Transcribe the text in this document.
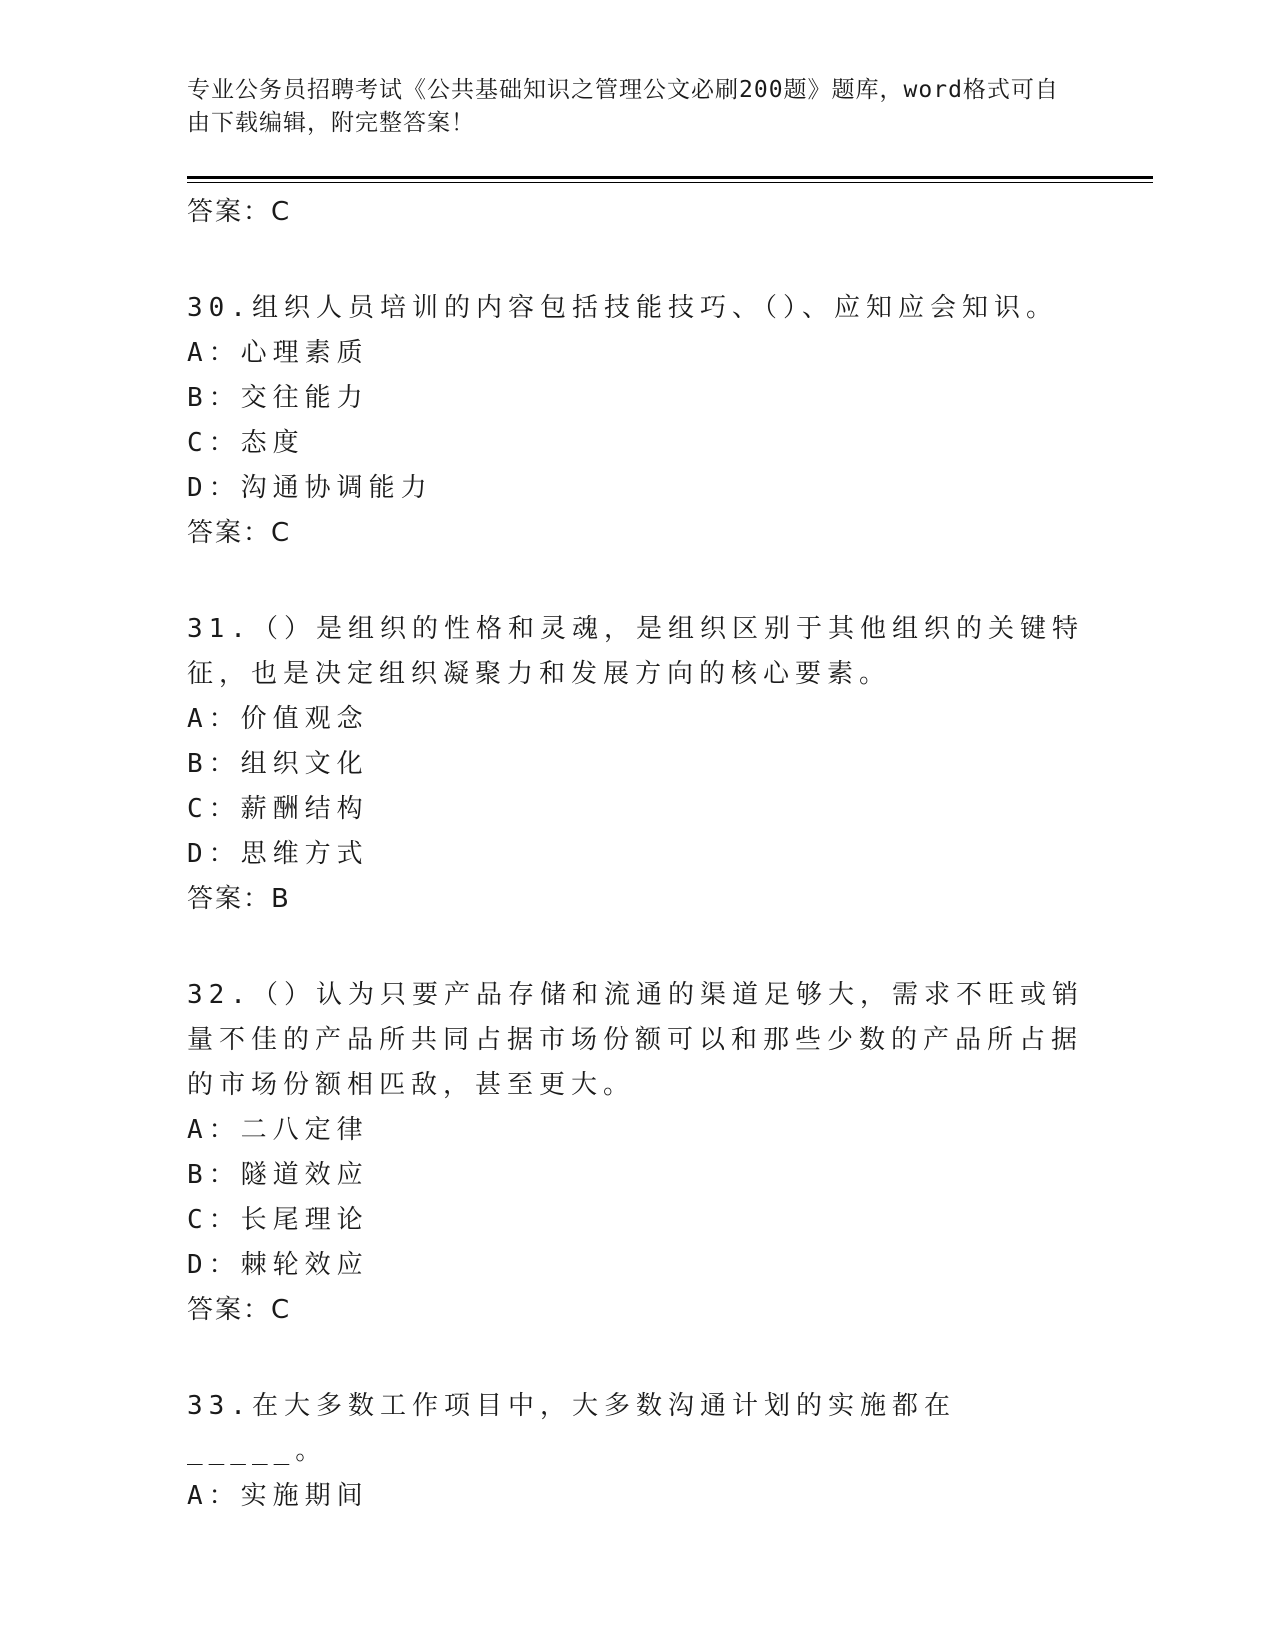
专业公务员招聘考试《公共基础知识之管理公文必刷200题》题库，word格式可自由下载编辑，附完整答案！
答案：C
30.组织人员培训的内容包括技能技巧、（）、应知应会知识。
A：心理素质
B：交往能力
C：态度
D：沟通协调能力
答案：C
31.（）是组织的性格和灵魂，是组织区别于其他组织的关键特征，也是决定组织凝聚力和发展方向的核心要素。
A：价值观念
B：组织文化
C：薪酬结构
D：思维方式
答案：B
32.（）认为只要产品存储和流通的渠道足够大，需求不旺或销量不佳的产品所共同占据市场份额可以和那些少数的产品所占据的市场份额相匹敌，甚至更大。
A：二八定律
B：隧道效应
C：长尾理论
D：棘轮效应
答案：C
33.在大多数工作项目中，大多数沟通计划的实施都在_____。
A：实施期间
